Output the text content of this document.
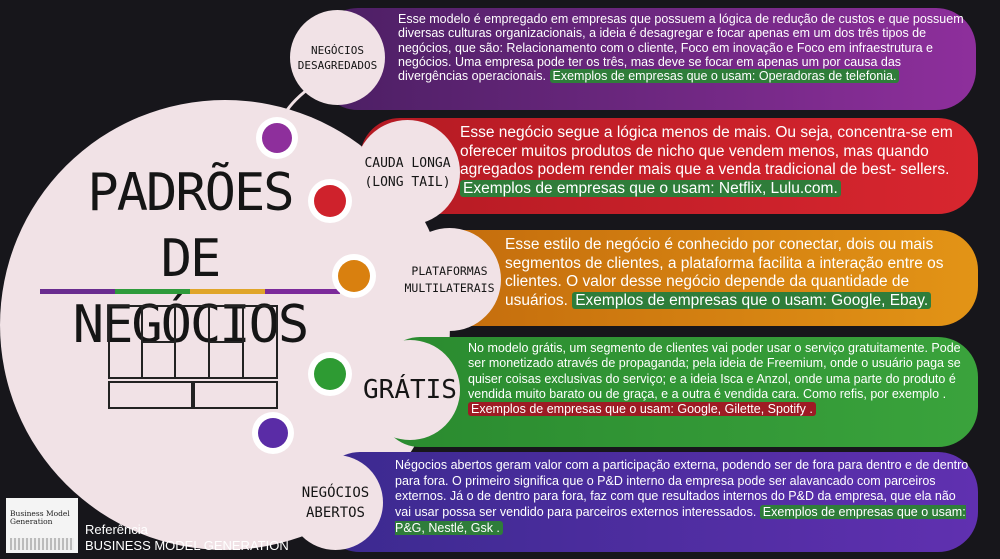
PADRÕES
DE NEGÓCIOS
Esse modelo é empregado em empresas que possuem a lógica de redução de custos e que possuem diversas culturas organizacionais, a ideia é desagregar e focar apenas em um dos três tipos de negócios, que são: Relacionamento com o cliente, Foco em inovação e Foco em infraestrutura e negócios. Uma empresa pode ter os três, mas deve se focar em apenas um por causa das divergências operacionais. Exemplos de empresas que o usam: Operadoras de telefonia.
NEGÓCIOS DESAGREDADOS
Esse negócio segue a lógica menos de mais. Ou seja, concentra-se em oferecer muitos produtos de nicho que vendem menos, mas quando agregados podem render mais que a venda tradicional de best- sellers. Exemplos de empresas que o usam: Netflix, Lulu.com.
CAUDA LONGA (LONG TAIL)
Esse estilo de negócio é conhecido por conectar, dois ou mais segmentos de clientes, a plataforma facilita a interação entre os clientes. O valor desse negócio depende da quantidade de usuários. Exemplos de empresas que o usam: Google, Ebay.
PLATAFORMAS MULTILATERAIS
No modelo grátis, um segmento de clientes vai poder usar o serviço gratuitamente. Pode ser monetizado através de propaganda; pela ideia de Freemium, onde o usuário paga se quiser coisas exclusivas do serviço; e a ideia Isca e Anzol, onde uma parte do produto é vendida muito barato ou de graça, e a outra é vendida cara. Como refis, por exemplo . Exemplos de empresas que o usam: Google, Gilette, Spotify .
GRÁTIS
Négocios abertos geram valor com a participação externa, podendo ser de fora para dentro e de dentro para fora. O primeiro significa que o P&D interno da empresa pode ser alavancado com parceiros externos. Já o de dentro para fora, faz com que resultados internos do P&D da empresa, que ela não vai usar possa ser vendido para parceiros externos interessados. Exemplos de empresas que o usam: P&G, Nestlé, Gsk .
NEGÓCIOS ABERTOS
Business Model Generation
Referência
BUSINESS MODEL GENERATION
